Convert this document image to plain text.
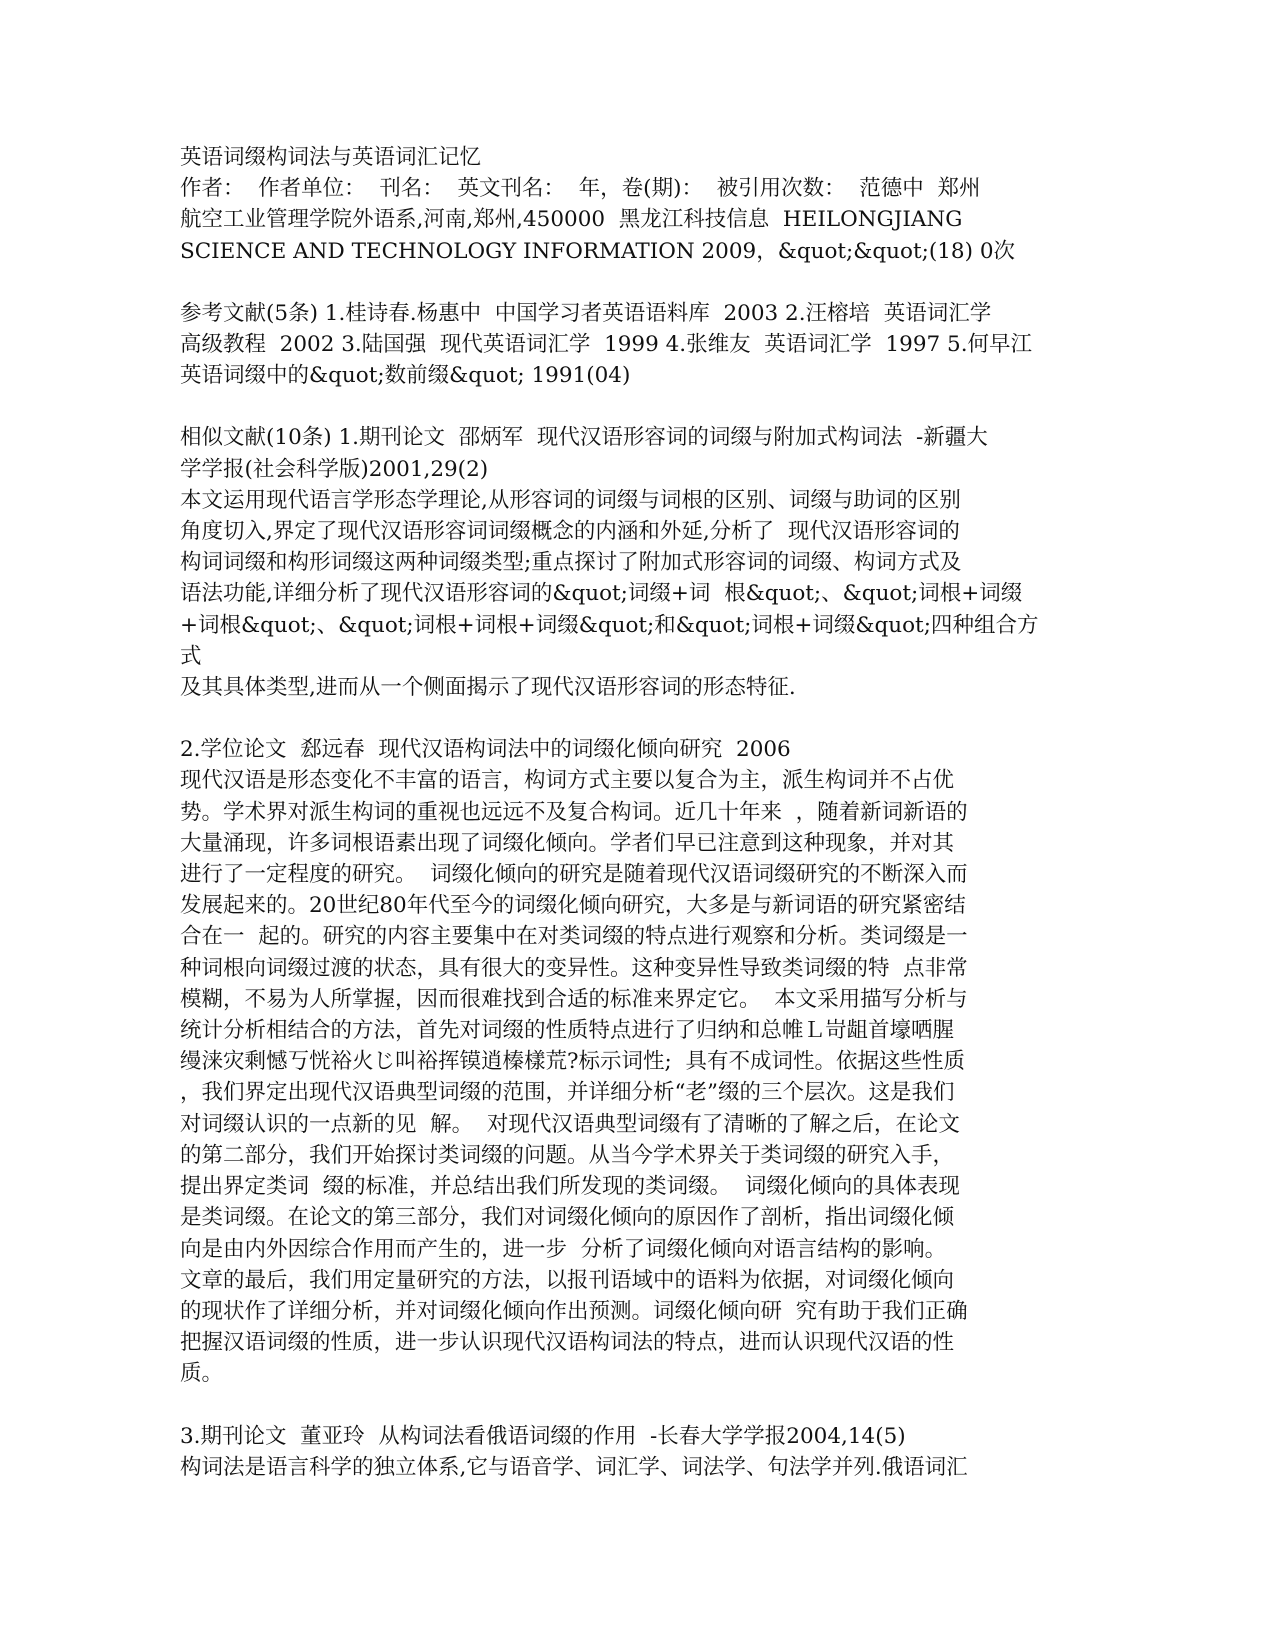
英语词缀构词法与英语词汇记忆
作者：  作者单位：  刊名：  英文刊名：  年，卷(期)：  被引用次数：  范德中  郑州
航空工业管理学院外语系,河南,郑州,450000  黑龙江科技信息  HEILONGJIANG
SCIENCE AND TECHNOLOGY INFORMATION 2009，&quot;&quot;(18) 0次
参考文献(5条) 1.桂诗春.杨惠中  中国学习者英语语料库  2003 2.汪榕培  英语词汇学
高级教程  2002 3.陆国强  现代英语词汇学  1999 4.张维友  英语词汇学  1997 5.何早江
英语词缀中的&quot;数前缀&quot; 1991(04)
相似文献(10条) 1.期刊论文  邵炳军  现代汉语形容词的词缀与附加式构词法  -新疆大
学学报(社会科学版)2001,29(2)
本文运用现代语言学形态学理论,从形容词的词缀与词根的区别、词缀与助词的区别
角度切入,界定了现代汉语形容词词缀概念的内涵和外延,分析了  现代汉语形容词的
构词词缀和构形词缀这两种词缀类型;重点探讨了附加式形容词的词缀、构词方式及
语法功能,详细分析了现代汉语形容词的&quot;词缀+词  根&quot;、&quot;词根+词缀
+词根&quot;、&quot;词根+词根+词缀&quot;和&quot;词根+词缀&quot;四种组合方式
及其具体类型,进而从一个侧面揭示了现代汉语形容词的形态特征.
2.学位论文  郄远春  现代汉语构词法中的词缀化倾向研究  2006
现代汉语是形态变化不丰富的语言，构词方式主要以复合为主，派生构词并不占优
势。学术界对派生构词的重视也远远不及复合构词。近几十年来  ，随着新词新语的
大量涌现，许多词根语素出现了词缀化倾向。学者们早已注意到这种现象，并对其
进行了一定程度的研究。  词缀化倾向的研究是随着现代汉语词缀研究的不断深入而
发展起来的。20世纪80年代至今的词缀化倾向研究，大多是与新词语的研究紧密结
合在一  起的。研究的内容主要集中在对类词缀的特点进行观察和分析。类词缀是一
种词根向词缀过渡的状态，具有很大的变异性。这种变异性导致类词缀的特  点非常
模糊，不易为人所掌握，因而很难找到合适的标准来界定它。  本文采用描写分析与
统计分析相结合的方法，首先对词缀的性质特点进行了归纳和总帷Ｌ岢龃首壕哂腥
缦涞灾剩憾丂恍裕火じ叫裕挥镆逍榛樣荒?标示词性;  具有不成词性。依据这些性质
，我们界定出现代汉语典型词缀的范围，并详细分析“老”缀的三个层次。这是我们
对词缀认识的一点新的见  解。  对现代汉语典型词缀有了清晰的了解之后，在论文
的第二部分，我们开始探讨类词缀的问题。从当今学术界关于类词缀的研究入手，
提出界定类词  缀的标准，并总结出我们所发现的类词缀。  词缀化倾向的具体表现
是类词缀。在论文的第三部分，我们对词缀化倾向的原因作了剖析，指出词缀化倾
向是由内外因综合作用而产生的，进一步  分析了词缀化倾向对语言结构的影响。
文章的最后，我们用定量研究的方法，以报刊语域中的语料为依据，对词缀化倾向
的现状作了详细分析，并对词缀化倾向作出预测。词缀化倾向研  究有助于我们正确
把握汉语词缀的性质，进一步认识现代汉语构词法的特点，进而认识现代汉语的性
质。
3.期刊论文  董亚玲  从构词法看俄语词缀的作用  -长春大学学报2004,14(5)
构词法是语言科学的独立体系,它与语音学、词汇学、词法学、句法学并列.俄语词汇
